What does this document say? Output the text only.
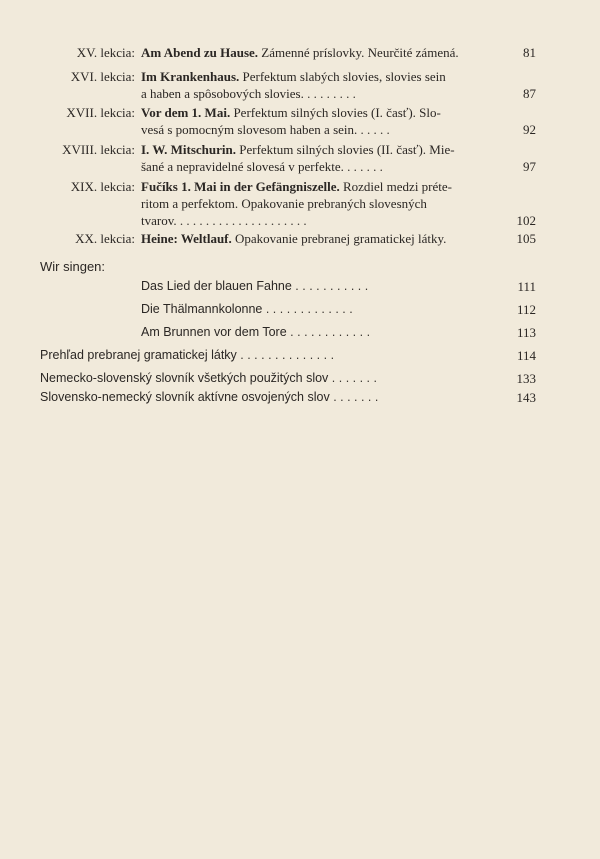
XV. lekcia: Am Abend zu Hause. Zámenné príslovky. Neurčité zámená.	81
XVI. lekcia: Im Krankenhaus. Perfektum slabých slovies, slovies sein
a haben a spôsobových slovies. . . . . . . . .	87
XVII. lekcia: Vor dem 1. Mai. Perfektum silných slovies (I. časť). Slo-
vesá s pomocným slovesom haben a sein. . . . . .	92
XVIII. lekcia: I. W. Mitschurin. Perfektum silných slovies (II. časť). Mie-
šané a nepravidelné slovesá v perfekte. . . . . . .	97
XIX. lekcia: Fučíks 1. Mai in der Gefängniszelle. Rozdiel medzi préte-
ritom a perfektom. Opakovanie prebraných slovesných
tvarov. . . . . . . . . . . . . . . . . . . . .	102
XX. lekcia: Heine: Weltlauf. Opakovanie prebranej gramatickej látky.	105
Wir singen:
Das Lied der blauen Fahne . . . . . . . . . . .	111
Die Thälmannkolonne . . . . . . . . . . . . .	112
Am Brunnen vor dem Tore . . . . . . . . . . . .	113
Prehľad prebranej gramatickej látky . . . . . . . . . . . . . .	114
Nemecko-slovenský slovník všetkých použitých slov . . . . . . .	133
Slovensko-nemecký slovník aktívne osvojených slov . . . . . . .	143
